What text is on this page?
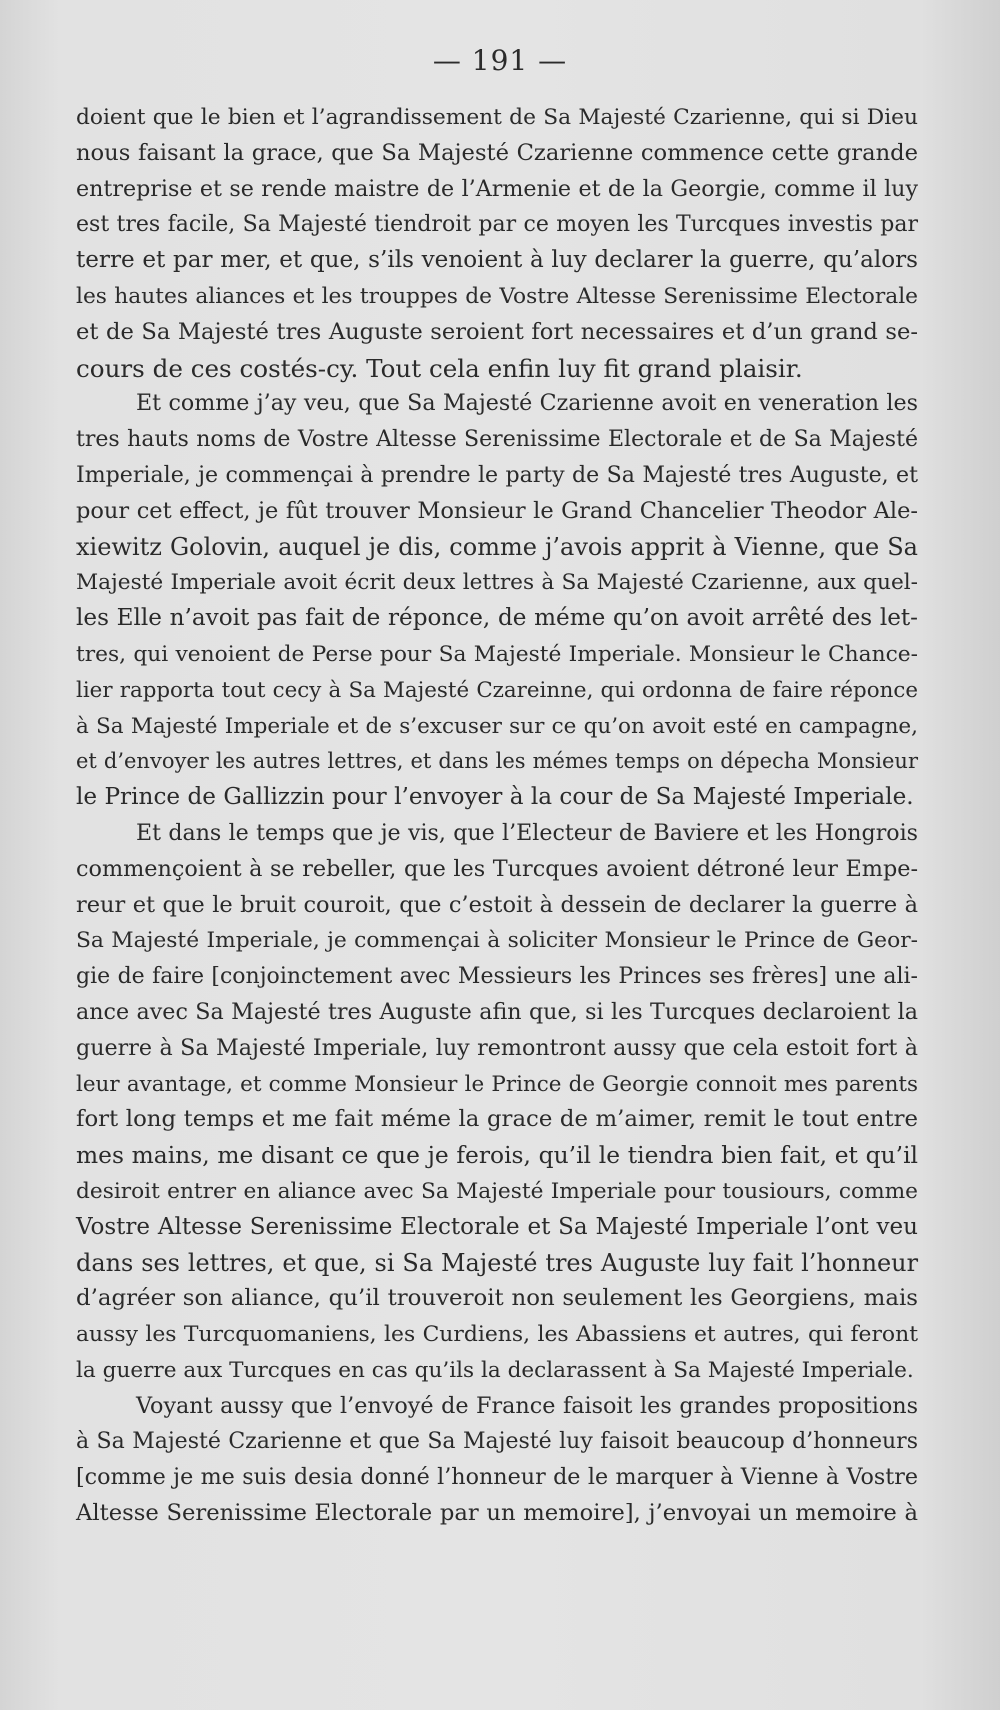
— 191 —
doient que le bien et l’agrandissement de Sa Majesté Czarienne, qui si Dieu
nous faisant la grace, que Sa Majesté Czarienne commence cette grande
entreprise et se rende maistre de l’Armenie et de la Georgie, comme il luy
est tres facile, Sa Majesté tiendroit par ce moyen les Turcques investis par
terre et par mer, et que, s’ils venoient à luy declarer la guerre, qu’alors
les hautes aliances et les trouppes de Vostre Altesse Serenissime Electorale
et de Sa Majesté tres Auguste seroient fort necessaires et d’un grand se-
cours de ces costés-cy. Tout cela enfin luy fit grand plaisir.
Et comme j’ay veu, que Sa Majesté Czarienne avoit en veneration les
tres hauts noms de Vostre Altesse Serenissime Electorale et de Sa Majesté
Imperiale, je commençai à prendre le party de Sa Majesté tres Auguste, et
pour cet effect, je fût trouver Monsieur le Grand Chancelier Theodor Ale-
xiewitz Golovin, auquel je dis, comme j’avois apprit à Vienne, que Sa
Majesté Imperiale avoit écrit deux lettres à Sa Majesté Czarienne, aux quel-
les Elle n’avoit pas fait de réponce, de méme qu’on avoit arrêté des let-
tres, qui venoient de Perse pour Sa Majesté Imperiale. Monsieur le Chance-
lier rapporta tout cecy à Sa Majesté Czareinne, qui ordonna de faire réponce
à Sa Majesté Imperiale et de s’excuser sur ce qu’on avoit esté en campagne,
et d’envoyer les autres lettres, et dans les mémes temps on dépecha Monsieur
le Prince de Gallizzin pour l’envoyer à la cour de Sa Majesté Imperiale.
Et dans le temps que je vis, que l’Electeur de Baviere et les Hongrois
commençoient à se rebeller, que les Turcques avoient détroné leur Empe-
reur et que le bruit couroit, que c’estoit à dessein de declarer la guerre à
Sa Majesté Imperiale, je commençai à soliciter Monsieur le Prince de Geor-
gie de faire [conjoinctement avec Messieurs les Princes ses frères] une ali-
ance avec Sa Majesté tres Auguste afin que, si les Turcques declaroient la
guerre à Sa Majesté Imperiale, luy remontront aussy que cela estoit fort à
leur avantage, et comme Monsieur le Prince de Georgie connoit mes parents
fort long temps et me fait méme la grace de m’aimer, remit le tout entre
mes mains, me disant ce que je ferois, qu’il le tiendra bien fait, et qu’il
desiroit entrer en aliance avec Sa Majesté Imperiale pour tousiours, comme
Vostre Altesse Serenissime Electorale et Sa Majesté Imperiale l’ont veu
dans ses lettres, et que, si Sa Majesté tres Auguste luy fait l’honneur
d’agréer son aliance, qu’il trouveroit non seulement les Georgiens, mais
aussy les Turcquomaniens, les Curdiens, les Abassiens et autres, qui feront
la guerre aux Turcques en cas qu’ils la declarassent à Sa Majesté Imperiale.
Voyant aussy que l’envoyé de France faisoit les grandes propositions
à Sa Majesté Czarienne et que Sa Majesté luy faisoit beaucoup d’honneurs
[comme je me suis desia donné l’honneur de le marquer à Vienne à Vostre
Altesse Serenissime Electorale par un memoire], j’envoyai un memoire à
